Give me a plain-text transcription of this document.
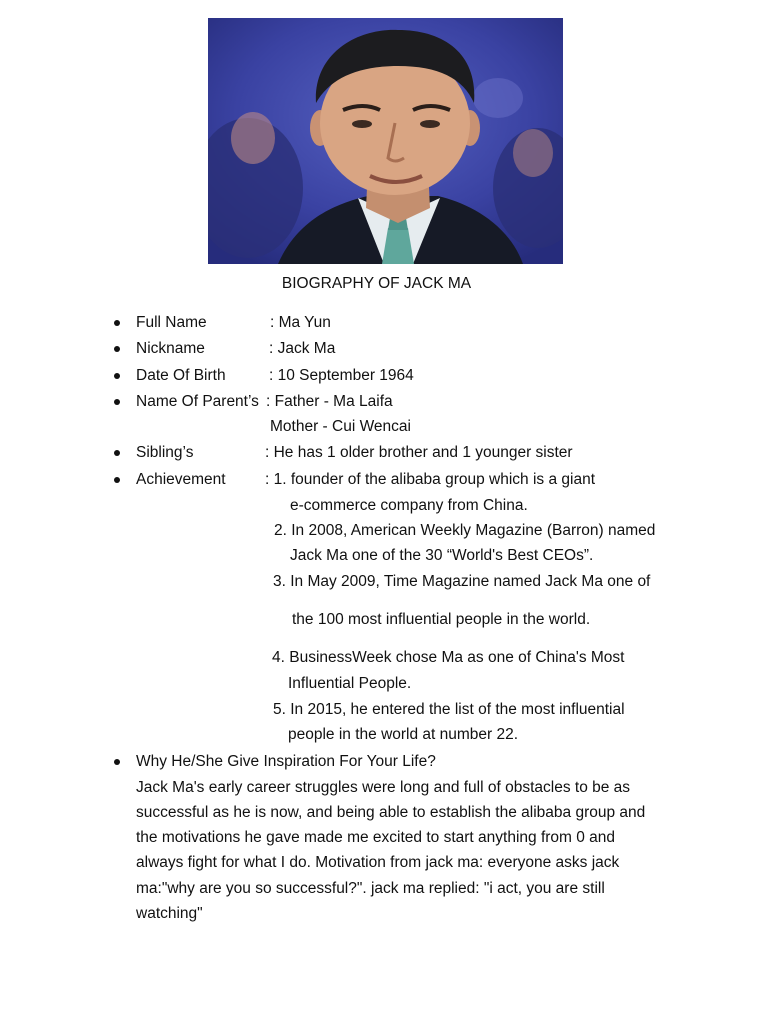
BIOGRAPHY OF JACK MA
Full Name	: Ma Yun
Nickname	: Jack Ma
Date Of Birth	: 10 September 1964
Name Of Parent’s : Father - Ma Laifa
Mother - Cui Wencai
Sibling’s	: He has 1 older brother and 1 younger sister
Achievement	: 1. founder of the alibaba group which is a giant
e-commerce company from China.
2. In 2008, American Weekly Magazine (Barron) named
Jack Ma one of the 30 “World's Best CEOs”.
3. In May 2009, Time Magazine named Jack Ma one of
the 100 most influential people in the world.
4. BusinessWeek chose Ma as one of China's Most
Influential People.
5. In 2015, he entered the list of the most influential
people in the world at number 22.
Why He/She Give Inspiration For Your Life?
Jack Ma's early career struggles were long and full of obstacles to be as
successful as he is now, and being able to establish the alibaba group and
the motivations he gave made me excited to start anything from 0 and
always fight for what I do. Motivation from jack ma: everyone asks jack
ma:"why are you so successful?". jack ma replied: "i act, you are still
watching"
